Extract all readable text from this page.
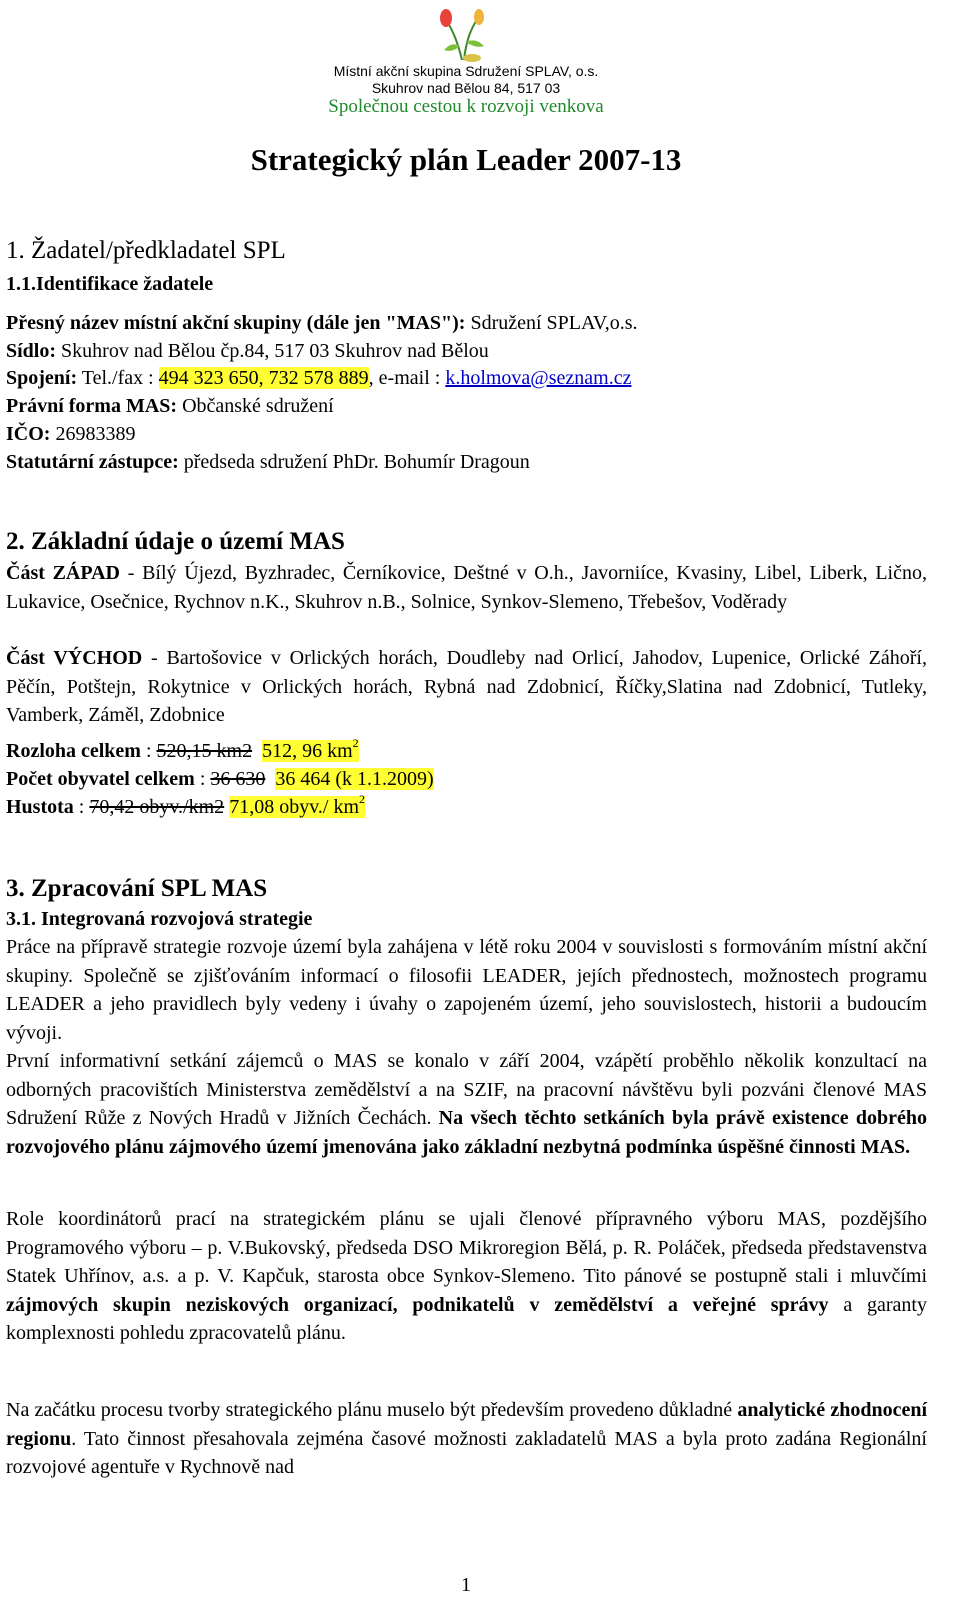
Místní akční skupina Sdružení SPLAV, o.s.
Skuhrov nad Bělou 84, 517 03
Společnou cestou k rozvoji venkova
Strategický plán Leader 2007-13
1. Žadatel/předkladatel SPL
1.1.Identifikace žadatele
Přesný název místní akční skupiny (dále jen "MAS"): Sdružení SPLAV,o.s.
Sídlo: Skuhrov nad Bělou čp.84, 517 03 Skuhrov nad Bělou
Spojení: Tel./fax : 494 323 650, 732 578 889, e-mail : k.holmova@seznam.cz
Právní forma MAS: Občanské sdružení
IČO: 26983389
Statutární zástupce: předseda sdružení PhDr. Bohumír Dragoun
2. Základní údaje o území MAS
Část ZÁPAD - Bílý Újezd, Byzhradec, Černíkovice, Deštné v O.h., Javorniíce, Kvasiny, Libel, Liberk, Lično, Lukavice, Osečnice, Rychnov n.K., Skuhrov n.B., Solnice, Synkov-Slemeno, Třebešov, Voděrady
Část VÝCHOD - Bartošovice v Orlických horách, Doudleby nad Orlicí, Jahodov, Lupenice, Orlické Záhoří, Pěčín, Potštejn, Rokytnice v Orlických horách, Rybná nad Zdobnicí, Říčky,Slatina nad Zdobnicí, Tutleky, Vamberk, Záměl, Zdobnice
Rozloha celkem : 520,15 km2 512, 96 $km^2$
Počet obyvatel celkem : 36 630 36 464 (k 1.1.2009)
Hustota : 70,42 obyv./km2 71,08 obyv./ $km^2$
3. Zpracování SPL MAS
3.1. Integrovaná rozvojová strategie
Práce na přípravě strategie rozvoje území byla zahájena v létě roku 2004 v souvislosti s formováním místní akční skupiny. Společně se zjišťováním informací o filosofii LEADER, jejích přednostech, možnostech programu LEADER a jeho pravidlech byly vedeny i úvahy o zapojeném území, jeho souvislostech, historii a budoucím vývoji.
První informativní setkání zájemců o MAS se konalo v září 2004, vzápětí proběhlo několik konzultací na odborných pracovištích Ministerstva zemědělství a na SZIF, na pracovní návštěvu byli pozváni členové MAS Sdružení Růže z Nových Hradů v Jižních Čechách. Na všech těchto setkáních byla právě existence dobrého rozvojového plánu zájmového území jmenována jako základní nezbytná podmínka úspěšné činnosti MAS.
Role koordinátorů prací na strategickém plánu se ujali členové přípravného výboru MAS, pozdějšího Programového výboru – p. V.Bukovský, předseda DSO Mikroregion Bělá, p. R. Poláček, předseda představenstva Statek Uhřínov, a.s. a p. V. Kapčuk, starosta obce Synkov-Slemeno. Tito pánové se postupně stali i mluvčími zájmových skupin neziskových organizací, podnikatelů v zemědělství a veřejné správy a garanty komplexnosti pohledu zpracovatelů plánu.
Na začátku procesu tvorby strategického plánu muselo být především provedeno důkladné analytické zhodnocení regionu. Tato činnost přesahovala zejména časové možnosti zakladatelů MAS a byla proto zadána Regionální rozvojové agentuře v Rychnově nad
1
